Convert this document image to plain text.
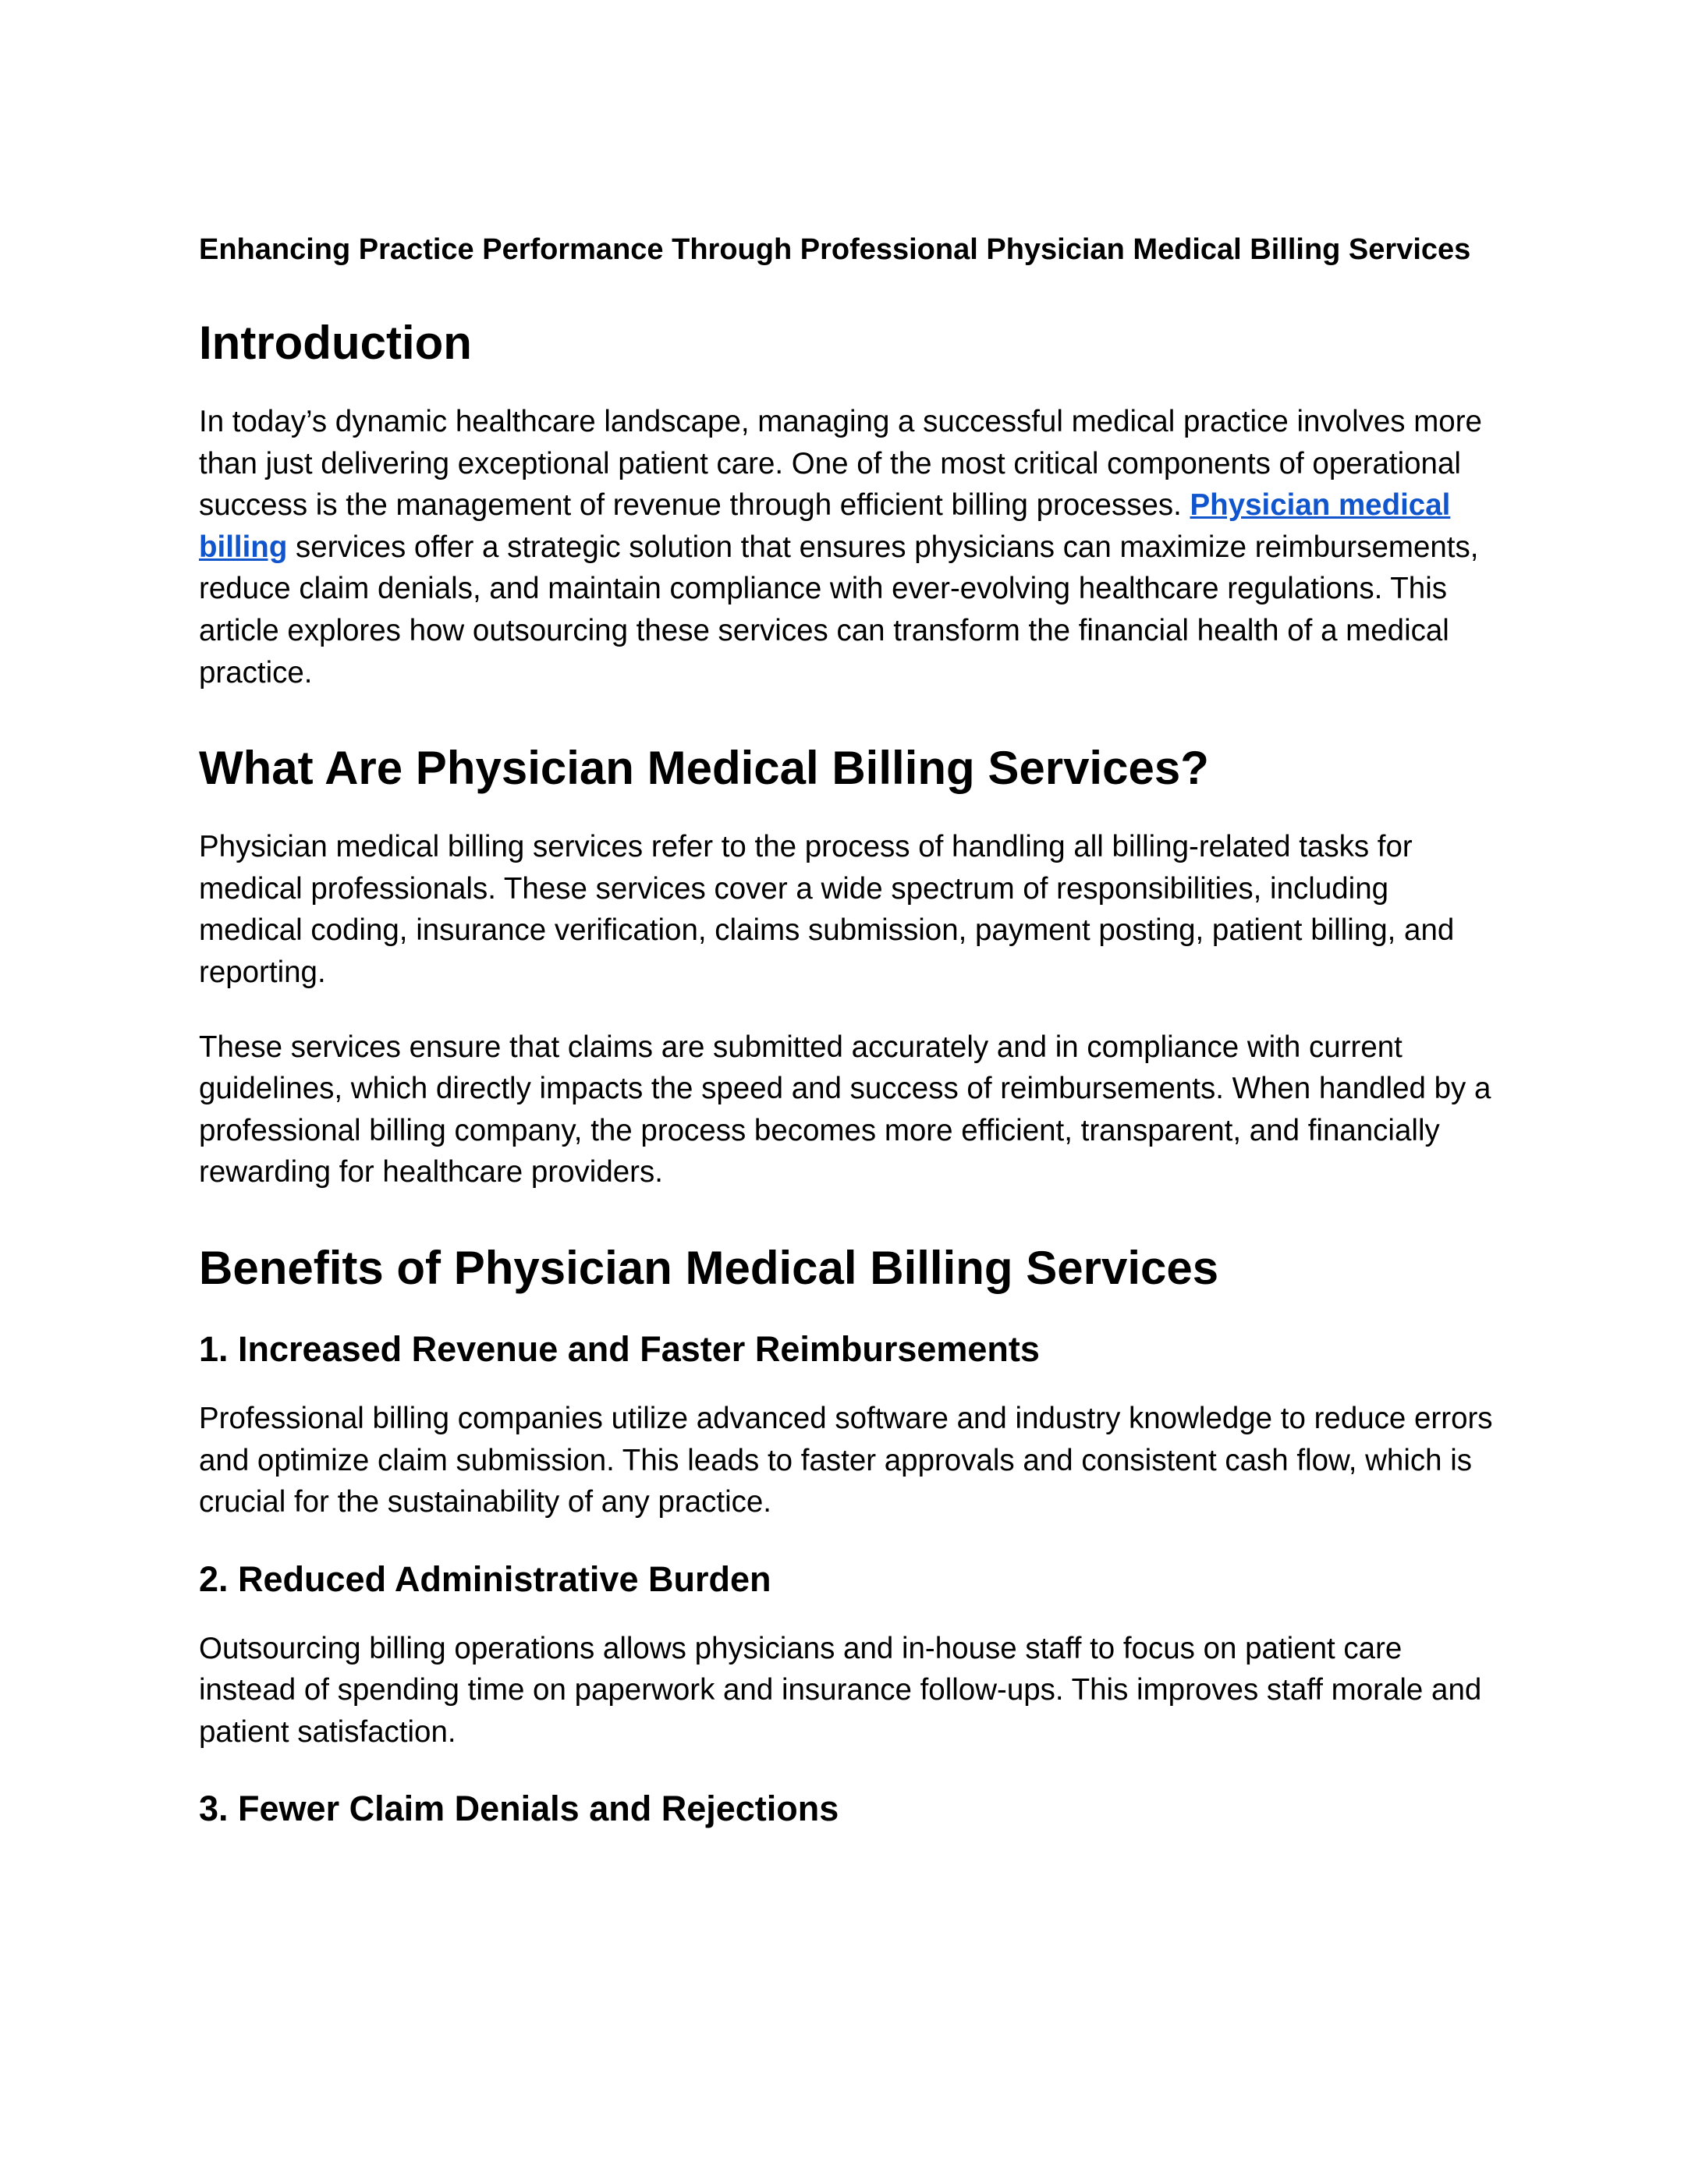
Enhancing Practice Performance Through Professional Physician Medical Billing Services
Introduction

In today’s dynamic healthcare landscape, managing a successful medical practice involves more than just delivering exceptional patient care. One of the most critical components of operational success is the management of revenue through efficient billing processes. Physician medical billing services offer a strategic solution that ensures physicians can maximize reimbursements, reduce claim denials, and maintain compliance with ever-evolving healthcare regulations. This article explores how outsourcing these services can transform the financial health of a medical practice.

What Are Physician Medical Billing Services?

Physician medical billing services refer to the process of handling all billing-related tasks for medical professionals. These services cover a wide spectrum of responsibilities, including medical coding, insurance verification, claims submission, payment posting, patient billing, and reporting.

These services ensure that claims are submitted accurately and in compliance with current guidelines, which directly impacts the speed and success of reimbursements. When handled by a professional billing company, the process becomes more efficient, transparent, and financially rewarding for healthcare providers.

Benefits of Physician Medical Billing Services
1. Increased Revenue and Faster Reimbursements

Professional billing companies utilize advanced software and industry knowledge to reduce errors and optimize claim submission. This leads to faster approvals and consistent cash flow, which is crucial for the sustainability of any practice.

2. Reduced Administrative Burden

Outsourcing billing operations allows physicians and in-house staff to focus on patient care instead of spending time on paperwork and insurance follow-ups. This improves staff morale and patient satisfaction.

3. Fewer Claim Denials and Rejections
